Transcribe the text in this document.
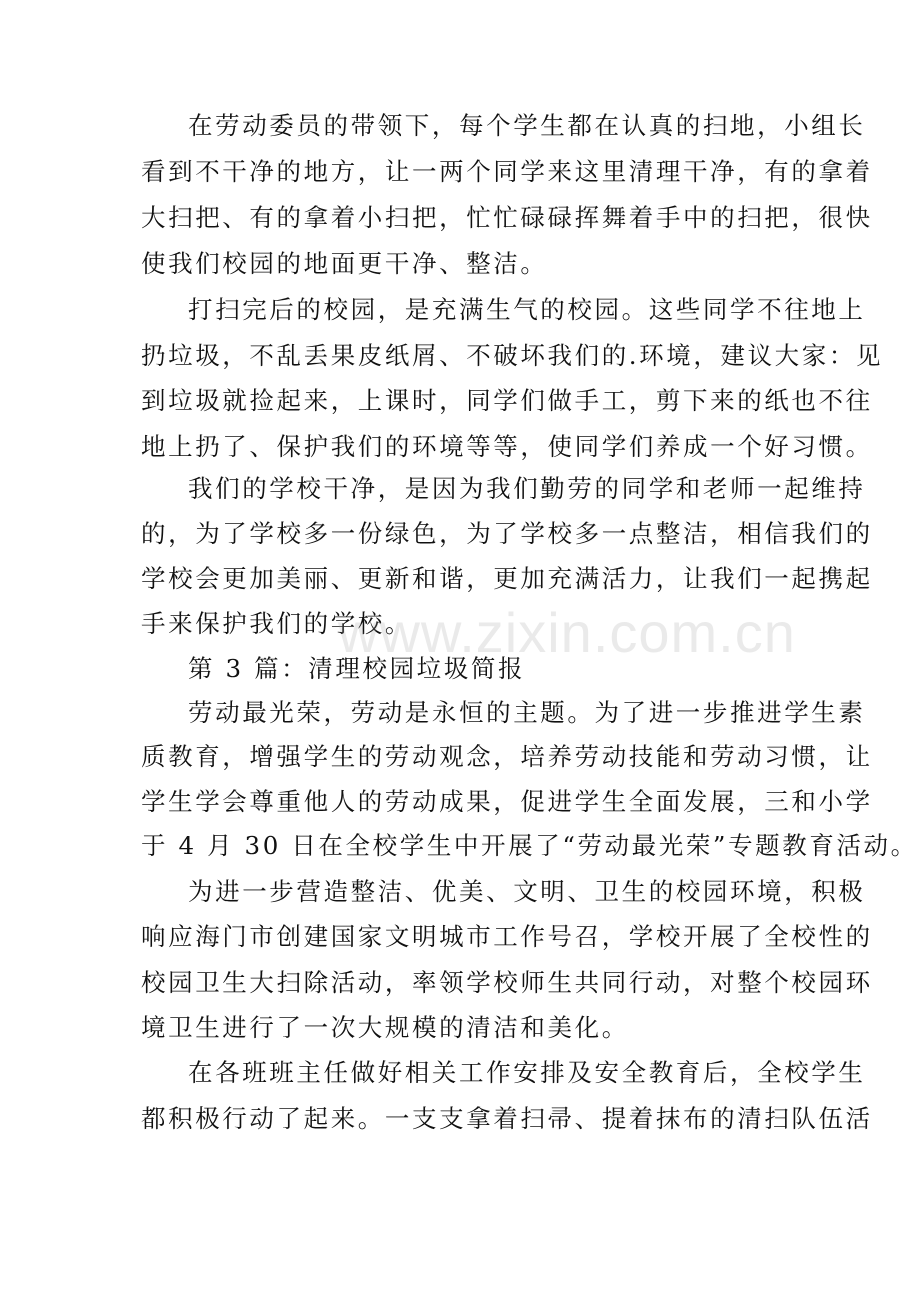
在劳动委员的带领下，每个学生都在认真的扫地，小组长
看到不干净的地方，让一两个同学来这里清理干净，有的拿着
大扫把、有的拿着小扫把，忙忙碌碌挥舞着手中的扫把，很快
使我们校园的地面更干净、整洁。
打扫完后的校园，是充满生气的校园。这些同学不往地上
扔垃圾，不乱丢果皮纸屑、不破坏我们的.环境，建议大家：见
到垃圾就捡起来，上课时，同学们做手工，剪下来的纸也不往
地上扔了、保护我们的环境等等，使同学们养成一个好习惯。
我们的学校干净，是因为我们勤劳的同学和老师一起维持
的，为了学校多一份绿色，为了学校多一点整洁，相信我们的
学校会更加美丽、更新和谐，更加充满活力，让我们一起携起
手来保护我们的学校。
第 3 篇：清理校园垃圾简报
劳动最光荣，劳动是永恒的主题。为了进一步推进学生素
质教育，增强学生的劳动观念，培养劳动技能和劳动习惯，让
学生学会尊重他人的劳动成果，促进学生全面发展，三和小学
于 4 月 30 日在全校学生中开展了“劳动最光荣”专题教育活动。
为进一步营造整洁、优美、文明、卫生的校园环境，积极
响应海门市创建国家文明城市工作号召，学校开展了全校性的
校园卫生大扫除活动，率领学校师生共同行动，对整个校园环
境卫生进行了一次大规模的清洁和美化。
在各班班主任做好相关工作安排及安全教育后，全校学生
都积极行动了起来。一支支拿着扫帚、提着抹布的清扫队伍活
www.zixin.com.cn
